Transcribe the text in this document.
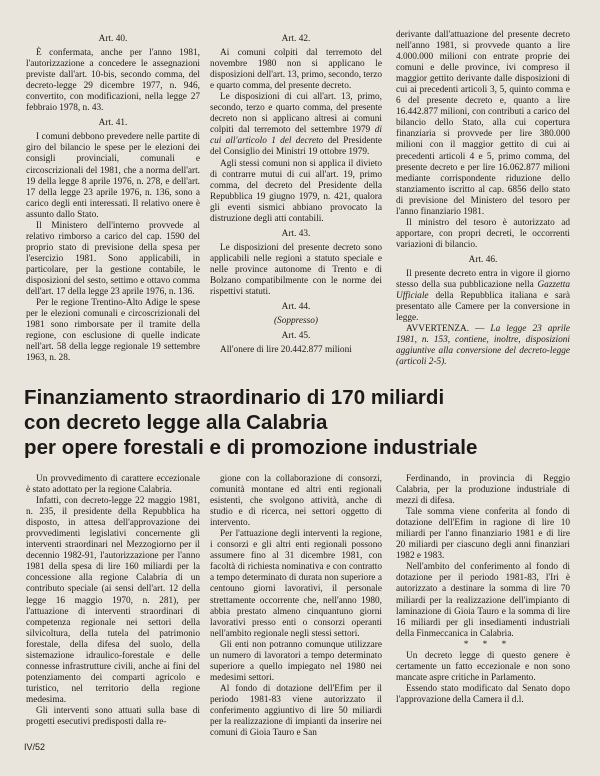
Art. 40.

È confermata, anche per l'anno 1981, l'autorizzazione a concedere le assegnazioni previste dall'art. 10-bis, secondo comma, del decreto-legge 29 dicembre 1977, n. 946, convertito, con modificazioni, nella legge 27 febbraio 1978, n. 43.

Art. 41.

I comuni debbono prevedere nelle partite di giro del bilancio le spese per le elezioni dei consigli provinciali, comunali e circoscrizionali del 1981, che a norma dell'art. 19 della legge 8 aprile 1976, n. 278, e dell'art. 17 della legge 23 aprile 1976, n. 136, sono a carico degli enti interessati. Il relativo onere è assunto dallo Stato.

Il Ministero dell'interno provvede al relativo rimborso a carico del cap. 1590 del proprio stato di previsione della spesa per l'esercizio 1981. Sono applicabili, in particolare, per la gestione contabile, le disposizioni del sesto, settimo e ottavo comma dell'art. 17 della legge 23 aprile 1976, n. 136.

Per le regione Trentino-Alto Adige le spese per le elezioni comunali e circoscrizionali del 1981 sono rimborsate per il tramite della regione, con esclusione di quelle indicate nell'art. 58 della legge regionale 19 settembre 1963, n. 28.

Art. 42.

Ai comuni colpiti dal terremoto del novembre 1980 non si applicano le disposizioni dell'art. 13, primo, secondo, terzo e quarto comma, del presente decreto.

Le disposizioni di cui all'art. 13, primo, secondo, terzo e quarto comma, del presente decreto non si applicano altresì ai comuni colpiti dal terremoto del settembre 1979 di cui all'articolo 1 del decreto del Presidente del Consiglio dei Ministri 19 ottobre 1979.

Agli stessi comuni non si applica il divieto di contrarre mutui di cui all'art. 19, primo comma, del decreto del Presidente della Repubblica 19 giugno 1979, n. 421, qualora gli eventi sismici abbiano provocato la distruzione degli atti contabili.

Art. 43.

Le disposizioni del presente decreto sono applicabili nelle regioni a statuto speciale e nelle province autonome di Trento e di Bolzano compatibilmente con le norme dei rispettivi statuti.

Art. 44.

(Soppresso)

Art. 45.

All'onere di lire 20.442.877 milioni

derivante dall'attuazione del presente decreto nell'anno 1981, si provvede quanto a lire 4.000.000 milioni con entrate proprie dei comuni e delle province, ivi compreso il maggior gettito derivante dalle disposizioni di cui ai precedenti articoli 3, 5, quinto comma e 6 del presente decreto e, quanto a lire 16.442.877 milioni, con contributi a carico del bilancio dello Stato, alla cui copertura finanziaria si provvede per lire 380.000 milioni con il maggior gettito di cui ai precedenti articoli 4 e 5, primo comma, del presente decreto e per lire 16.062.877 milioni mediante corrispondente riduzione dello stanziamento iscritto al cap. 6856 dello stato di previsione del Ministero del tesoro per l'anno finanziario 1981.

Il ministro del tesoro è autorizzato ad apportare, con propri decreti, le occorrenti variazioni di bilancio.

Art. 46.

Il presente decreto entra in vigore il giorno stesso della sua pubblicazione nella Gazzetta Ufficiale della Repubblica italiana e sarà presentato alle Camere per la conversione in legge.

AVVERTENZA. — La legge 23 aprile 1981, n. 153, contiene, inoltre, disposizioni aggiuntive alla conversione del decreto-legge (articoli 2-5).

Finanziamento straordinario di 170 miliardi
con decreto legge alla Calabria
per opere forestali e di promozione industriale

Un provvedimento di carattere eccezionale è stato adottato per la regione Calabria.

Infatti, con decreto-legge 22 maggio 1981, n. 235, il presidente della Repubblica ha disposto, in attesa dell'approvazione dei provvedimenti legislativi concernente gli interventi straordinari nel Mezzogiorno per il decennio 1982-91, l'autorizzazione per l'anno 1981 della spesa di lire 160 miliardi per la concessione alla regione Calabria di un contributo speciale (ai sensi dell'art. 12 della legge 16 maggio 1970, n. 281), per l'attuazione di interventi straordinari di competenza regionale nei settori della silvicoltura, della tutela del patrimonio forestale, della difesa del suolo, della sistemazione idraulico-forestale e delle connesse infrastrutture civili, anche ai fini del potenziamento dei comparti agricolo e turistico, nel territorio della regione medesima.

Gli interventi sono attuati sulla base di progetti esecutivi predisposti dalla re-

gione con la collaborazione di consorzi, comunità montane ed altri enti regionali esistenti, che svolgono attività, anche di studio e di ricerca, nei settori oggetto di intervento.

Per l'attuazione degli interventi la regione, i consorzi e gli altri enti regionali possono assumere fino al 31 dicembre 1981, con facoltà di richiesta nominativa e con contratto a tempo determinato di durata non superiore a centouno giorni lavorativi, il personale strettamente occorrente che, nell'anno 1980, abbia prestato almeno cinquantuno giorni lavorativi presso enti o consorzi operanti nell'ambito regionale negli stessi settori.

Gli enti non potranno comunque utilizzare un numero di lavoratori a tempo determinato superiore a quello impiegato nel 1980 nei medesimi settori.

Al fondo di dotazione dell'Efim per il periodo 1981-83 viene autorizzato il conferimento aggiuntivo di lire 50 miliardi per la realizzazione di impianti da inserire nei comuni di Gioia Tauro e San

Ferdinando, in provincia di Reggio Calabria, per la produzione industriale di mezzi di difesa.

Tale somma viene conferita al fondo di dotazione dell'Efim in ragione di lire 10 miliardi per l'anno finanziario 1981 e di lire 20 miliardi per ciascuno degli anni finanziari 1982 e 1983.

Nell'ambito del conferimento al fondo di dotazione per il periodo 1981-83, l'Iri è autorizzato a destinare la somma di lire 70 miliardi per la realizzazione dell'impianto di laminazione di Gioia Tauro e la somma di lire 16 miliardi per gli insediamenti industriali della Finmeccanica in Calabria.

* * *

Un decreto legge di questo genere è certamente un fatto eccezionale e non sono mancate aspre critiche in Parlamento.

Essendo stato modificato dal Senato dopo l'approvazione della Camera il d.l.

IV/52
